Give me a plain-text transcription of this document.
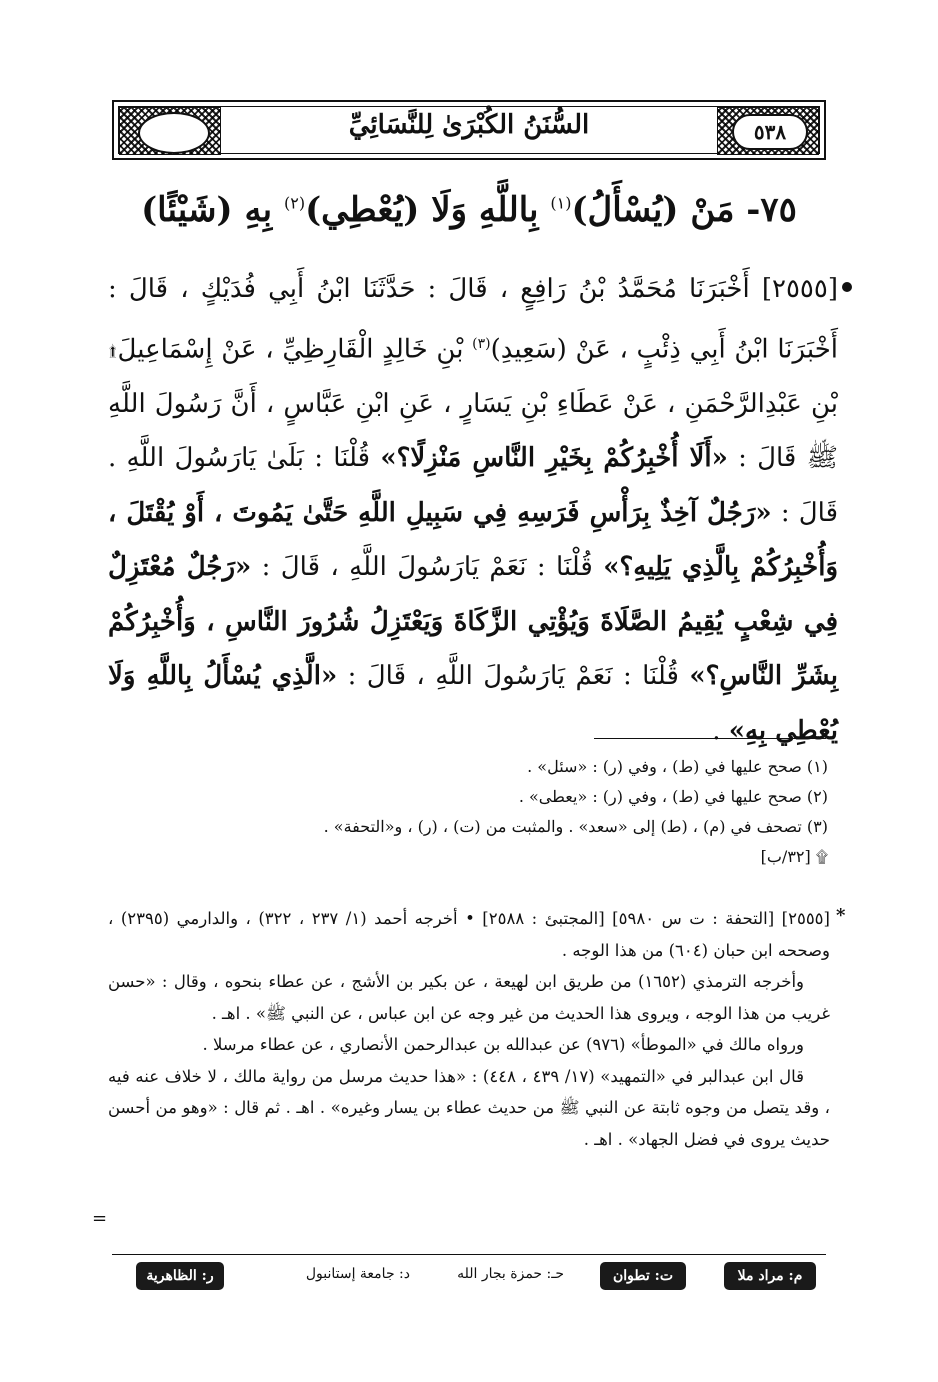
٥٣٨
السُّنَنُ الكُبْرَىٰ لِلنَّسَائِيِّ
٧٥- مَنْ (يُسْأَلُ)$^{(١)}$ بِاللَّهِ وَلَا (يُعْطِي)$^{(٢)}$ بِهِ (شَيْئًا)
[٢٥٥٥] أَخْبَرَنَا مُحَمَّدُ بْنُ رَافِعٍ ، قَالَ : حَدَّثَنَا ابْنُ أَبِي فُدَيْكٍ ، قَالَ : أَخْبَرَنَا ابْنُ أَبِي ذِئْبٍ ، عَنْ (سَعِيدِ)$^{(٣)}$ بْنِ خَالِدٍ الْقَارِظِيِّ ، عَنْ إِسْمَاعِيلَ۩ بْنِ عَبْدِالرَّحْمَنِ ، عَنْ عَطَاءِ بْنِ يَسَارٍ ، عَنِ ابْنِ عَبَّاسٍ ، أَنَّ رَسُولَ اللَّهِ ﷺ قَالَ : «أَلَا أُخْبِرُكُمْ بِخَيْرِ النَّاسِ مَنْزِلًا؟» قُلْنَا : بَلَىٰ يَارَسُولَ اللَّهِ . قَالَ : «رَجُلٌ آخِذٌ بِرَأْسِ فَرَسِهِ فِي سَبِيلِ اللَّهِ حَتَّىٰ يَمُوتَ ، أَوْ يُقْتَلَ ، وَأُخْبِرُكُمْ بِالَّذِي يَلِيهِ؟» قُلْنَا : نَعَمْ يَارَسُولَ اللَّهِ ، قَالَ : «رَجُلٌ مُعْتَزِلٌ فِي شِعْبٍ يُقِيمُ الصَّلَاةَ وَيُؤْتِي الزَّكَاةَ وَيَعْتَزِلُ شُرُورَ النَّاسِ ، وَأُخْبِرُكُمْ بِشَرِّ النَّاسِ؟» قُلْنَا : نَعَمْ يَارَسُولَ اللَّهِ ، قَالَ : «الَّذِي يُسْأَلُ بِاللَّهِ وَلَا يُعْطِي بِهِ» .
(١) صحح عليها في (ط) ، وفي (ر) : «سئل» .
(٢) صحح عليها في (ط) ، وفي (ر) : «يعطى» .
(٣) تصحف في (م) ، (ط) إلى «سعد» . والمثبت من (ت) ، (ر) ، و«التحفة» .
۩ [٣٢/ب]
*

[٢٥٥٥] [التحفة : ت س ٥٩٨٠] [المجتبئ : ٢٥٨٨] • أخرجه أحمد (١/ ٢٣٧ ، ٣٢٢) ، والدارمي (٢٣٩٥) ، وصححه ابن حبان (٦٠٤) من هذا الوجه .

وأخرجه الترمذي (١٦٥٢) من طريق ابن لهيعة ، عن بكير بن الأشج ، عن عطاء بنحوه ، وقال : «حسن غريب من هذا الوجه ، ويروى هذا الحديث من غير وجه عن ابن عباس ، عن النبي ﷺ» . اهـ .

ورواه مالك في «الموطأ» (٩٧٦) عن عبدالله بن عبدالرحمن الأنصاري ، عن عطاء مرسلا .

قال ابن عبدالبر في «التمهيد» (١٧/ ٤٣٩ ، ٤٤٨) : «هذا حديث مرسل من رواية مالك ، لا خلاف عنه فيه ، وقد يتصل من وجوه ثابتة عن النبي ﷺ من حديث عطاء بن يسار وغيره» . اهـ . ثم قال : «وهو من أحسن حديث يروى في فضل الجهاد» . اهـ .

=
م: مراد ملا
ت: تطوان
حـ: حمزة بجار الله
د: جامعة إستانبول
ر: الظاهرية
